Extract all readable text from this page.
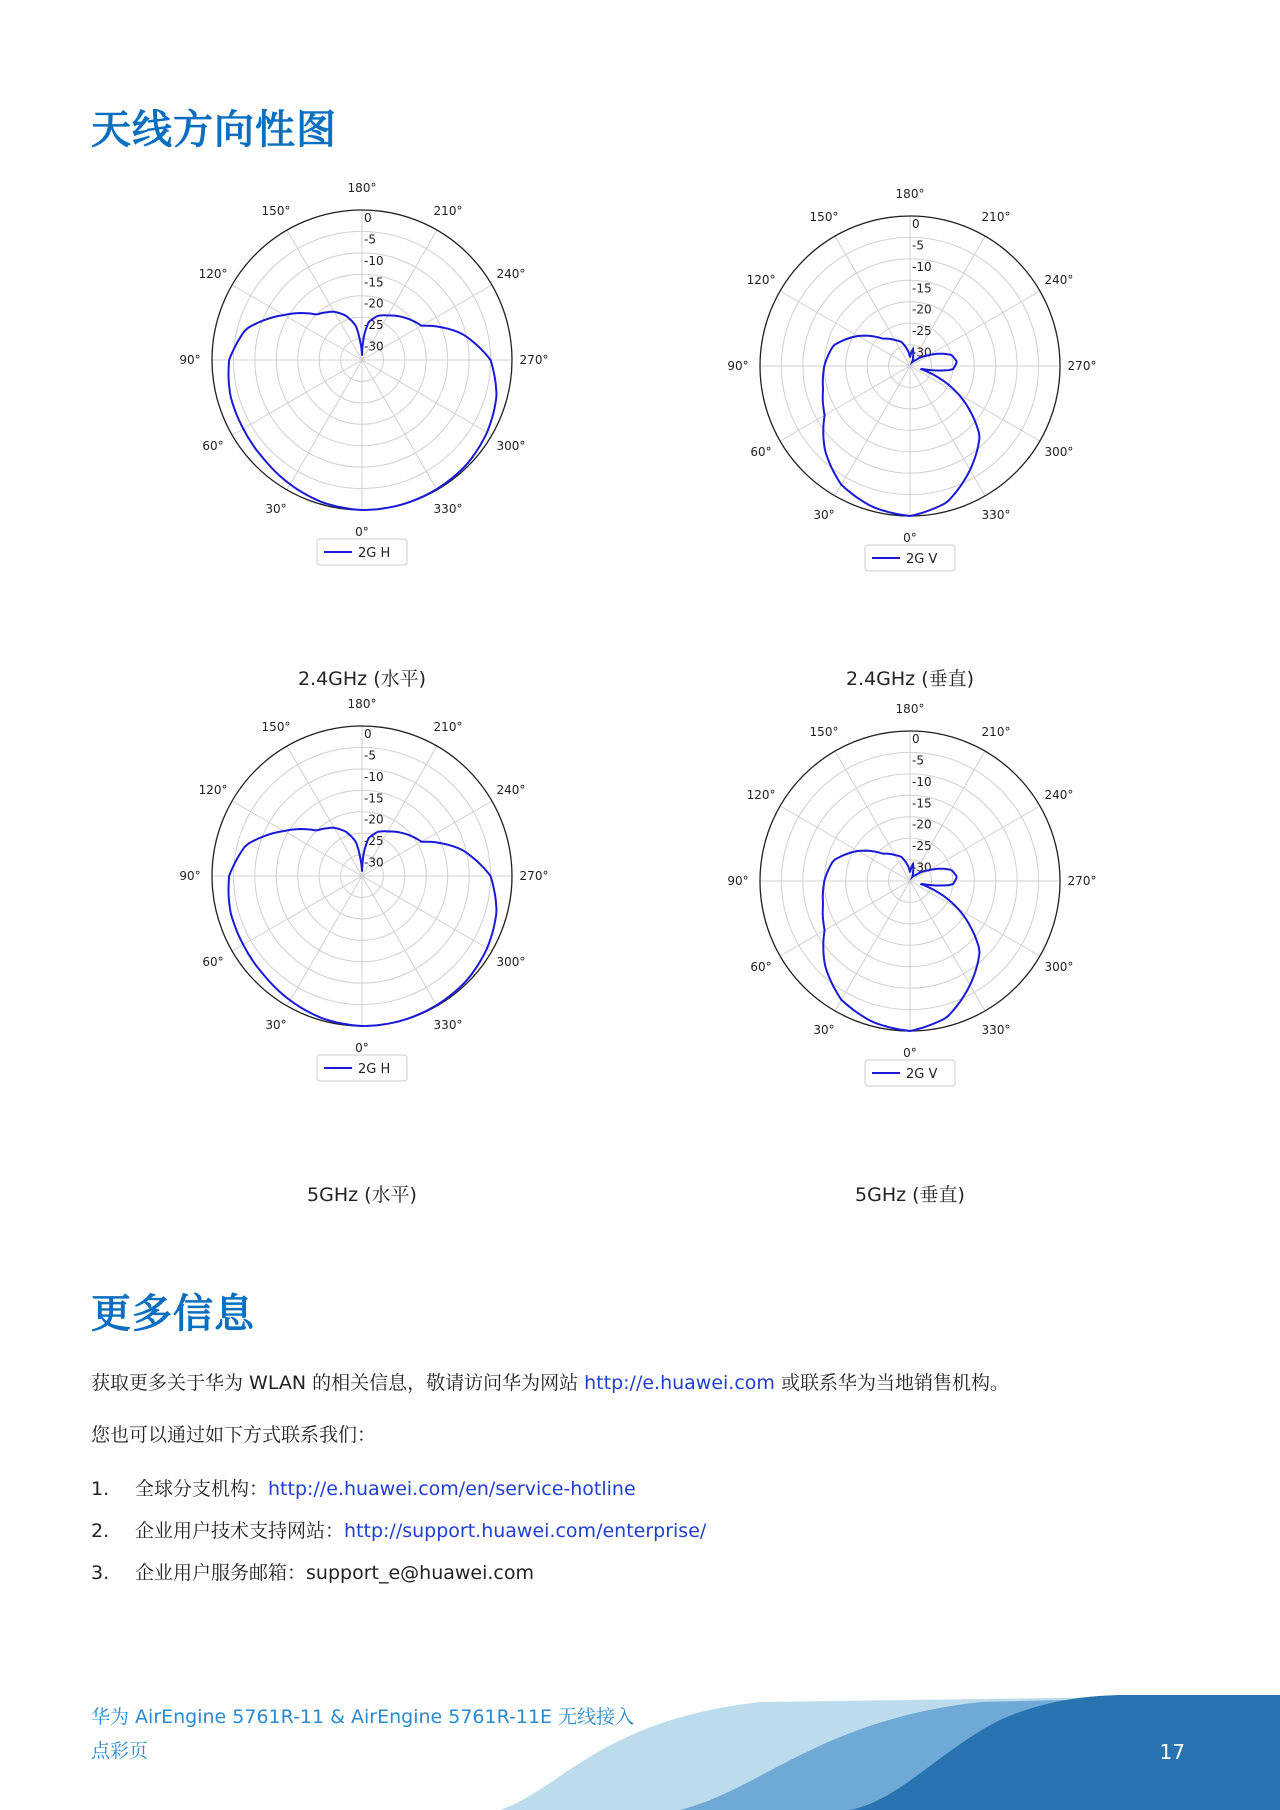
天线方向性图
0°
30°
60°
90°
120°
150°
180°
210°
240°
270°
300°
330°
0
-5
-10
-15
-20
-25
-30
2G H
2.4GHz (水平)
0°
30°
60°
90°
120°
150°
180°
210°
240°
270°
300°
330°
0
-5
-10
-15
-20
-25
-30
2G V
2.4GHz (垂直)
0°
30°
60°
90°
120°
150°
180°
210°
240°
270°
300°
330°
0
-5
-10
-15
-20
-25
-30
2G H
5GHz (水平)
0°
30°
60°
90°
120°
150°
180°
210°
240°
270°
300°
330°
0
-5
-10
-15
-20
-25
-30
2G V
5GHz (垂直)
更多信息
获取更多关于华为 WLAN 的相关信息，敬请访问华为网站 http://e.huawei.com 或联系华为当地销售机构。
您也可以通过如下方式联系我们：
1. 全球分支机构：http://e.huawei.com/en/service-hotline
2. 企业用户技术支持网站：http://support.huawei.com/enterprise/
3. 企业用户服务邮箱：support_e@huawei.com
华为 AirEngine 5761R-11 & AirEngine 5761R-11E 无线接入
点彩页	17
